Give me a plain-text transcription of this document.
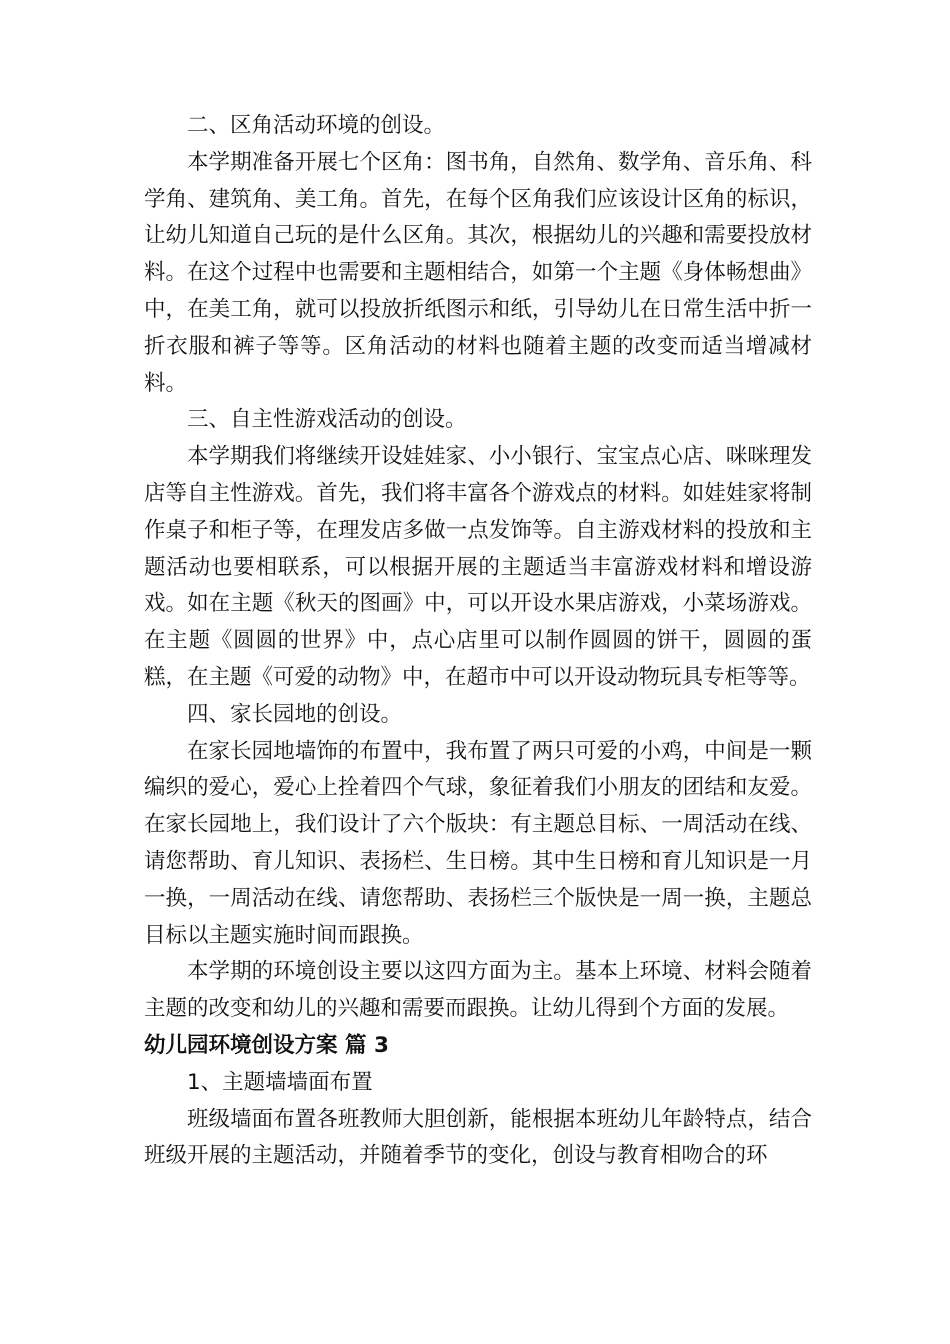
二、区角活动环境的创设。

本学期准备开展七个区角：图书角，自然角、数学角、音乐角、科学角、建筑角、美工角。首先，在每个区角我们应该设计区角的标识，让幼儿知道自己玩的是什么区角。其次，根据幼儿的兴趣和需要投放材料。在这个过程中也需要和主题相结合，如第一个主题《身体畅想曲》中，在美工角，就可以投放折纸图示和纸，引导幼儿在日常生活中折一折衣服和裤子等等。区角活动的材料也随着主题的改变而适当增减材料。

三、自主性游戏活动的创设。

本学期我们将继续开设娃娃家、小小银行、宝宝点心店、咪咪理发店等自主性游戏。首先，我们将丰富各个游戏点的材料。如娃娃家将制作桌子和柜子等，在理发店多做一点发饰等。自主游戏材料的投放和主题活动也要相联系，可以根据开展的主题适当丰富游戏材料和增设游戏。如在主题《秋天的图画》中，可以开设水果店游戏，小菜场游戏。在主题《圆圆的世界》中，点心店里可以制作圆圆的饼干，圆圆的蛋糕，在主题《可爱的动物》中，在超市中可以开设动物玩具专柜等等。

四、家长园地的创设。

在家长园地墙饰的布置中，我布置了两只可爱的小鸡，中间是一颗编织的爱心，爱心上拴着四个气球，象征着我们小朋友的团结和友爱。在家长园地上，我们设计了六个版块：有主题总目标、一周活动在线、请您帮助、育儿知识、表扬栏、生日榜。其中生日榜和育儿知识是一月一换，一周活动在线、请您帮助、表扬栏三个版快是一周一换，主题总目标以主题实施时间而跟换。

本学期的环境创设主要以这四方面为主。基本上环境、材料会随着主题的改变和幼儿的兴趣和需要而跟换。让幼儿得到个方面的发展。

幼儿园环境创设方案 篇 3

1、主题墙墙面布置

班级墙面布置各班教师大胆创新，能根据本班幼儿年龄特点，结合班级开展的主题活动，并随着季节的变化，创设与教育相吻合的环
